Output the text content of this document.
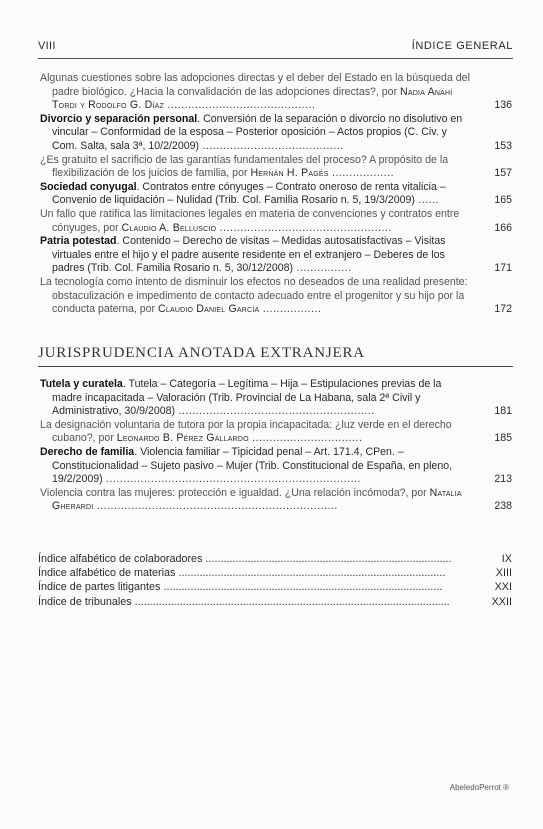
VIII	ÍNDICE GENERAL

Algunas cuestiones sobre las adopciones directas y el deber del Estado en la búsqueda del padre biológico. ¿Hacia la convalidación de las adopciones directas?, por Nadia Anahí Tordi y Rodolfo G. Díaz ...........................................	136

Divorcio y separación personal. Conversión de la separación o divorcio no disolutivo en vincular – Conformidad de la esposa – Posterior oposición – Actos propios (C. Civ. y Com. Salta, sala 3ª, 10/2/2009) .........................................	153

¿Es gratuito el sacrificio de las garantías fundamentales del proceso? A propósito de la flexibilización de los juicios de familia, por Hernán H. Pagés ..................	157

Sociedad conyugal. Contratos entre cónyuges – Contrato oneroso de renta vitalicia – Convenio de liquidación – Nulidad (Trib. Col. Familia Rosario n. 5, 19/3/2009) ......	165

Un fallo que ratifica las limitaciones legales en materia de convenciones y contratos entre cónyuges, por Claudio A. Belluscio ..................................................	166

Patria potestad. Contenido – Derecho de visitas – Medidas autosatisfactivas – Visitas virtuales entre el hijo y el padre ausente residente en el extranjero – Deberes de los padres (Trib. Col. Familia Rosario n. 5, 30/12/2008) ................	171

La tecnología como intento de disminuir los efectos no deseados de una realidad presente: obstaculización e impedimento de contacto adecuado entre el progenitor y su hijo por la conducta paterna, por Claudio Daniel García .................	172

JURISPRUDENCIA ANOTADA EXTRANJERA

Tutela y curatela. Tutela – Categoría – Legítima – Hija – Estipulaciones previas de la madre incapacitada – Valoración (Trib. Provincial de La Habana, sala 2ª Civil y Administrativo, 30/9/2008) .........................................................	181

La designación voluntaria de tutora por la propia incapacitada: ¿luz verde en el derecho cubano?, por Leonardo B. Pérez Gallardo ................................	185

Derecho de familia. Violencia familiar – Tipicidad penal – Art. 171.4, CPen. – Constitucionalidad – Sujeto pasivo – Mujer (Trib. Constitucional de España, en pleno, 19/2/2009) ..........................................................................	213

Violencia contra las mujeres: protección e igualdad. ¿Una relación incómoda?, por Natalia Gherardi ......................................................................	238

Índice alfabético de colaboradores ..................................................................................	IX
Índice alfabético de materias .........................................................................................	XIII
Índice de partes litigantes .............................................................................................	XXI
Índice de tribunales .........................................................................................................	XXII
AbeledoPerrot ®
